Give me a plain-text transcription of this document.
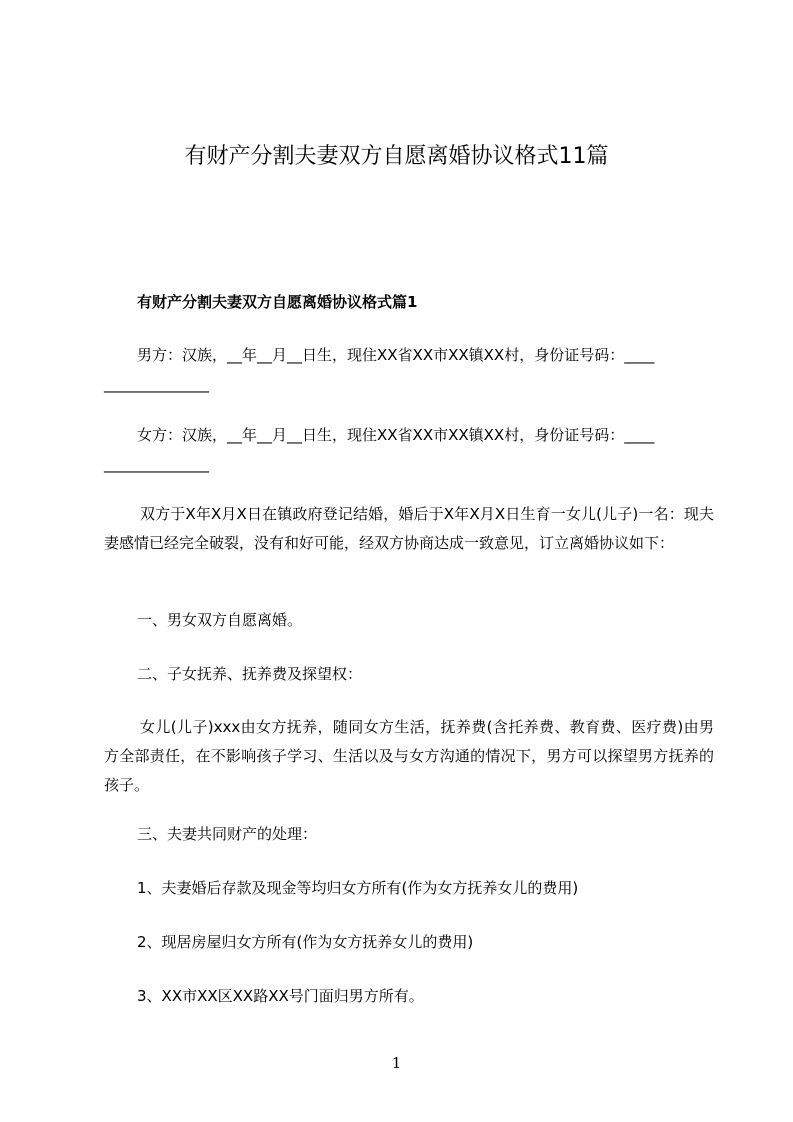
有财产分割夫妻双方自愿离婚协议格式11篇
有财产分割夫妻双方自愿离婚协议格式篇1
男方：汉族，__年__月__日生，现住XX省XX市XX镇XX村，身份证号码：____
______________
女方：汉族，__年__月__日生，现住XX省XX市XX镇XX村，身份证号码：____
______________
双方于X年X月X日在镇政府登记结婚，婚后于X年X月X日生育一女儿(儿子)一名：现夫妻感情已经完全破裂，没有和好可能，经双方协商达成一致意见，订立离婚协议如下：
一、男女双方自愿离婚。
二、子女抚养、抚养费及探望权：
女儿(儿子)xxx由女方抚养，随同女方生活，抚养费(含托养费、教育费、医疗费)由男方全部责任，在不影响孩子学习、生活以及与女方沟通的情况下，男方可以探望男方抚养的孩子。
三、夫妻共同财产的处理：
1、夫妻婚后存款及现金等均归女方所有(作为女方抚养女儿的费用)
2、现居房屋归女方所有(作为女方抚养女儿的费用)
3、XX市XX区XX路XX号门面归男方所有。
1
